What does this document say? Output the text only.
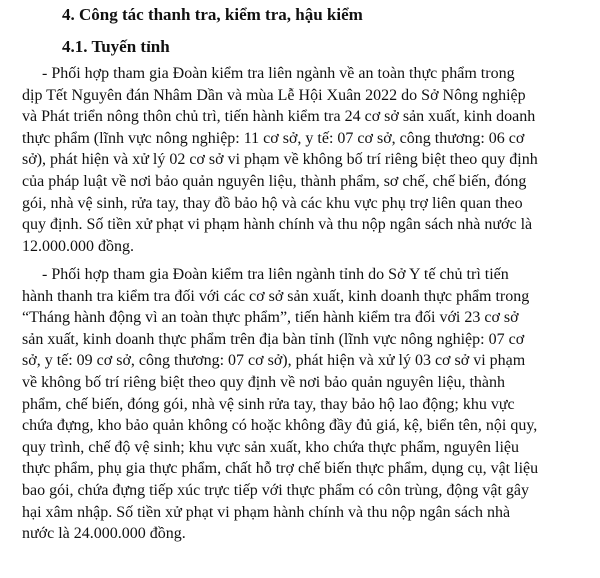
4. Công tác thanh tra, kiểm tra, hậu kiểm
4.1. Tuyến tỉnh
- Phối hợp tham gia Đoàn kiểm tra liên ngành về an toàn thực phẩm trong
dịp Tết Nguyên đán Nhâm Dần và mùa Lễ Hội Xuân 2022 do Sở Nông nghiệp
và Phát triển nông thôn chủ trì, tiến hành kiểm tra 24 cơ sở sản xuất, kinh doanh
thực phẩm (lĩnh vực nông nghiệp: 11 cơ sở, y tế: 07 cơ sở, công thương: 06 cơ
sở), phát hiện và xử lý 02 cơ sở vi phạm về không bố trí riêng biệt theo quy định
của pháp luật về nơi bảo quản nguyên liệu, thành phẩm, sơ chế, chế biến, đóng
gói, nhà vệ sinh, rửa tay, thay đồ bảo hộ và các khu vực phụ trợ liên quan theo
quy định. Số tiền xử phạt vi phạm hành chính và thu nộp ngân sách nhà nước là
12.000.000 đồng.
- Phối hợp tham gia Đoàn kiểm tra liên ngành tỉnh do Sở Y tế chủ trì tiến
hành thanh tra kiểm tra đối với các cơ sở sản xuất, kinh doanh thực phẩm trong
“Tháng hành động vì an toàn thực phẩm”, tiến hành kiểm tra đối với 23 cơ sở
sản xuất, kinh doanh thực phẩm trên địa bàn tỉnh (lĩnh vực nông nghiệp: 07 cơ
sở, y tế: 09 cơ sở, công thương: 07 cơ sở), phát hiện và xử lý 03 cơ sở vi phạm
về không bố trí riêng biệt theo quy định về nơi bảo quản nguyên liệu, thành
phẩm, chế biến, đóng gói, nhà vệ sinh rửa tay, thay bảo hộ lao động; khu vực
chứa đựng, kho bảo quản không có hoặc không đầy đủ giá, kệ, biển tên, nội quy,
quy trình, chế độ vệ sinh; khu vực sản xuất, kho chứa thực phẩm, nguyên liệu
thực phẩm, phụ gia thực phẩm, chất hỗ trợ chế biến thực phẩm, dụng cụ, vật liệu
bao gói, chứa đựng tiếp xúc trực tiếp với thực phẩm có côn trùng, động vật gây
hại xâm nhập. Số tiền xử phạt vi phạm hành chính và thu nộp ngân sách nhà
nước là 24.000.000 đồng.
